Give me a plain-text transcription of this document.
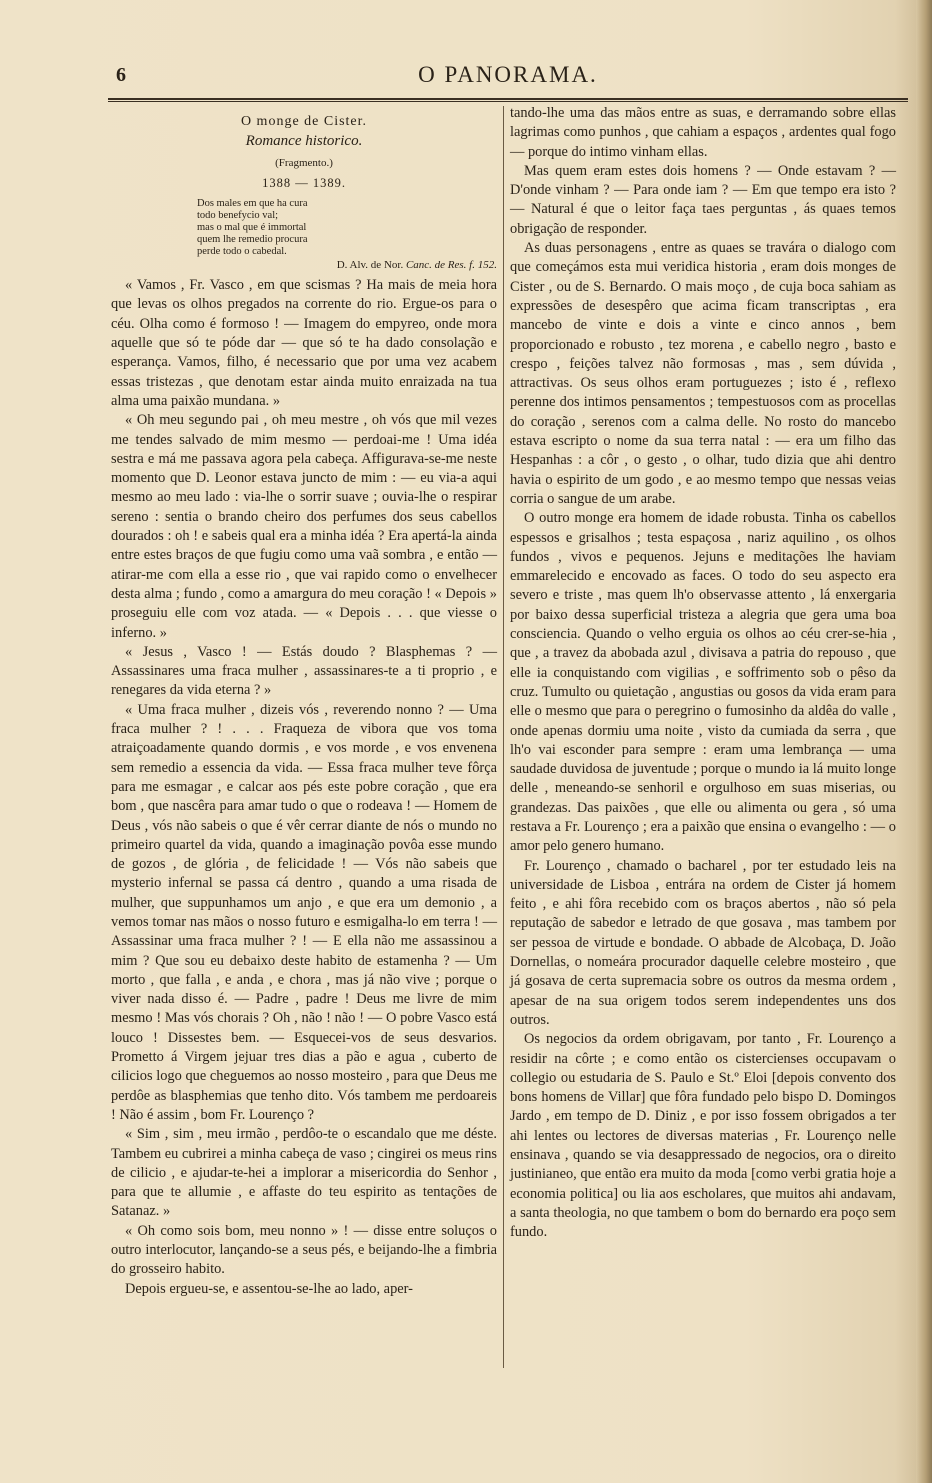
6	O PANORAMA.
O monge de Cister.
Romance historico.
(Fragmento.)
1388 — 1389.
Dos males em que ha cura
todo benefycio val;
mas o mal que é immortal
quem lhe remedio procura
perde todo o cabedal.
D. Alv. de Nor. Canc. de Res. f. 152.

« Vamos , Fr. Vasco , em que scismas ? Ha mais de meia hora que levas os olhos pregados na corrente do rio. Ergue-os para o céu. Olha como é formoso ! — Imagem do empyreo, onde mora aquelle que só te póde dar — que só te ha dado consolação e esperança. Vamos, filho, é necessario que por uma vez acabem essas tristezas , que denotam estar ainda muito enraizada na tua alma uma paixão mundana. »

« Oh meu segundo pai , oh meu mestre , oh vós que mil vezes me tendes salvado de mim mesmo — perdoai-me ! Uma idéa sestra e má me passava agora pela cabeça. Affigurava-se-me neste momento que D. Leonor estava juncto de mim : — eu via-a aqui mesmo ao meu lado : via-lhe o sorrir suave ; ouvia-lhe o respirar sereno : sentia o brando cheiro dos perfumes dos seus cabellos dourados : oh ! e sabeis qual era a minha idéa ? Era apertá-la ainda entre estes braços de que fugiu como uma vaã sombra , e então — atirar-me com ella a esse rio , que vai rapido como o envelhecer desta alma ; fundo , como a amargura do meu coração ! « Depois » proseguiu elle com voz atada. — « Depois . . . que viesse o inferno. »

« Jesus , Vasco ! — Estás doudo ? Blasphemas ? — Assassinares uma fraca mulher , assassinares-te a ti proprio , e renegares da vida eterna ? »

« Uma fraca mulher , dizeis vós , reverendo nonno ? — Uma fraca mulher ? ! . . . Fraqueza de vibora que vos toma atraiçoadamente quando dormis , e vos morde , e vos envenena sem remedio a essencia da vida. — Essa fraca mulher teve fôrça para me esmagar , e calcar aos pés este pobre coração , que era bom , que nascêra para amar tudo o que o rodeava ! — Homem de Deus , vós não sabeis o que é vêr cerrar diante de nós o mundo no primeiro quartel da vida, quando a imaginação povôa esse mundo de gozos , de glória , de felicidade ! — Vós não sabeis que mysterio infernal se passa cá dentro , quando a uma risada de mulher, que suppunhamos um anjo , e que era um demonio , a vemos tomar nas mãos o nosso futuro e esmigalha-lo em terra ! — Assassinar uma fraca mulher ? ! — E ella não me assassinou a mim ? Que sou eu debaixo deste habito de estamenha ? — Um morto , que falla , e anda , e chora , mas já não vive ; porque o viver nada disso é. — Padre , padre ! Deus me livre de mim mesmo ! Mas vós chorais ? Oh , não ! não ! — O pobre Vasco está louco ! Dissestes bem. — Esquecei-vos de seus desvarios. Prometto á Virgem jejuar tres dias a pão e agua , cuberto de cilicios logo que cheguemos ao nosso mosteiro , para que Deus me perdôe as blasphemias que tenho dito. Vós tambem me perdoareis ! Não é assim , bom Fr. Lourenço ?

« Sim , sim , meu irmão , perdôo-te o escandalo que me déste. Tambem eu cubrirei a minha cabeça de vaso ; cingirei os meus rins de cilicio , e ajudar-te-hei a implorar a misericordia do Senhor , para que te allumie , e affaste do teu espirito as tentações de Satanaz. »

« Oh como sois bom, meu nonno » ! — disse entre soluços o outro interlocutor, lançando-se a seus pés, e beijando-lhe a fimbria do grosseiro habito.

Depois ergueu-se, e assentou-se-lhe ao lado, aper-

tando-lhe uma das mãos entre as suas, e derramando sobre ellas lagrimas como punhos , que cahiam a espaços , ardentes qual fogo — porque do intimo vinham ellas.

Mas quem eram estes dois homens ? — Onde estavam ? — D'onde vinham ? — Para onde iam ? — Em que tempo era isto ? — Natural é que o leitor faça taes perguntas , ás quaes temos obrigação de responder.

As duas personagens , entre as quaes se travára o dialogo com que começámos esta mui veridica historia , eram dois monges de Cister , ou de S. Bernardo. O mais moço , de cuja boca sahiam as expressões de desespêro que acima ficam transcriptas , era mancebo de vinte e dois a vinte e cinco annos , bem proporcionado e robusto , tez morena , e cabello negro , basto e crespo , feições talvez não formosas , mas , sem dúvida , attractivas. Os seus olhos eram portuguezes ; isto é , reflexo perenne dos intimos pensamentos ; tempestuosos com as procellas do coração , serenos com a calma delle. No rosto do mancebo estava escripto o nome da sua terra natal : — era um filho das Hespanhas : a côr , o gesto , o olhar, tudo dizia que ahi dentro havia o espirito de um godo , e ao mesmo tempo que nessas veias corria o sangue de um arabe.

O outro monge era homem de idade robusta. Tinha os cabellos espessos e grisalhos ; testa espaçosa , nariz aquilino , os olhos fundos , vivos e pequenos. Jejuns e meditações lhe haviam emmarelecido e encovado as faces. O todo do seu aspecto era severo e triste , mas quem lh'o observasse attento , lá enxergaria por baixo dessa superficial tristeza a alegria que gera uma boa consciencia. Quando o velho erguia os olhos ao céu crer-se-hia , que , a travez da abobada azul , divisava a patria do repouso , que elle ia conquistando com vigilias , e soffrimento sob o pêso da cruz. Tumulto ou quietação , angustias ou gosos da vida eram para elle o mesmo que para o peregrino o fumosinho da aldêa do valle , onde apenas dormiu uma noite , visto da cumiada da serra , que lh'o vai esconder para sempre : eram uma lembrança — uma saudade duvidosa de juventude ; porque o mundo ia lá muito longe delle , meneando-se senhoril e orgulhoso em suas miserias, ou grandezas. Das paixões , que elle ou alimenta ou gera , só uma restava a Fr. Lourenço ; era a paixão que ensina o evangelho : — o amor pelo genero humano.

Fr. Lourenço , chamado o bacharel , por ter estudado leis na universidade de Lisboa , entrára na ordem de Cister já homem feito , e ahi fôra recebido com os braços abertos , não só pela reputação de sabedor e letrado de que gosava , mas tambem por ser pessoa de virtude e bondade. O abbade de Alcobaça, D. João Dornellas, o nomeára procurador daquelle celebre mosteiro , que já gosava de certa supremacia sobre os outros da mesma ordem , apesar de na sua origem todos serem independentes uns dos outros.

Os negocios da ordem obrigavam, por tanto , Fr. Lourenço a residir na côrte ; e como então os cistercienses occupavam o collegio ou estudaria de S. Paulo e St.º Eloi [depois convento dos bons homens de Villar] que fôra fundado pelo bispo D. Domingos Jardo , em tempo de D. Diniz , e por isso fossem obrigados a ter ahi lentes ou lectores de diversas materias , Fr. Lourenço nelle ensinava , quando se via desappressado de negocios, ora o direito justinianeo, que então era muito da moda [como verbi gratia hoje a economia politica] ou lia aos escholares, que muitos ahi andavam, a santa theologia, no que tambem o bom do bernardo era poço sem fundo.
